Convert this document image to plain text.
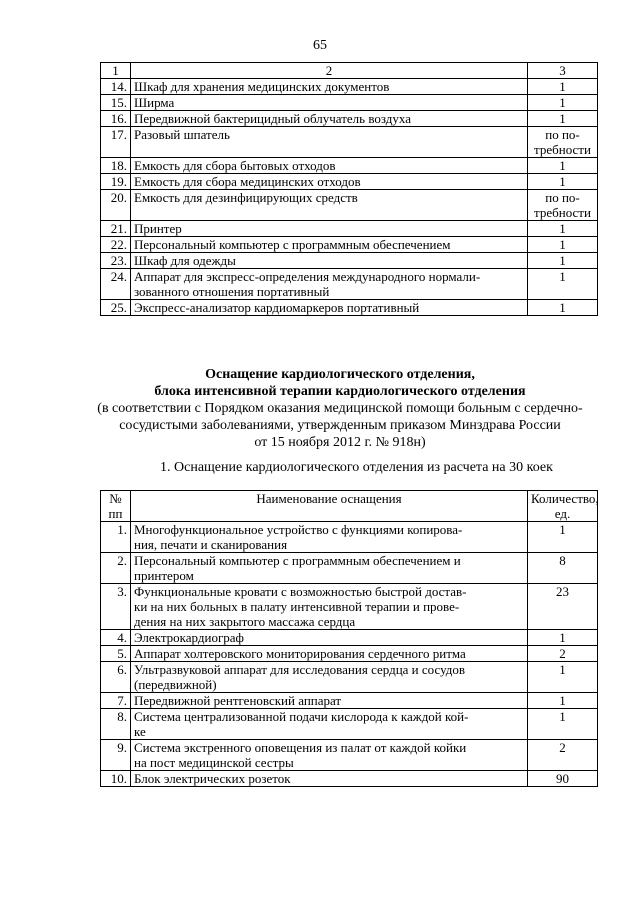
65
1	2	3
14.	Шкаф для хранения медицинских документов	1
15.	Ширма	1
16.	Передвижной бактерицидный облучатель воздуха	1
17.	Разовый шпатель	по по-
требности
18.	Емкость для сбора бытовых отходов	1
19.	Емкость для сбора медицинских отходов	1
20.	Емкость для дезинфицирующих средств	по по-
требности
21.	Принтер	1
22.	Персональный компьютер с программным обеспечением	1
23.	Шкаф для одежды	1
24.	Аппарат для экспресс-определения международного нормали-
зованного отношения портативный	1
25.	Экспресс-анализатор кардиомаркеров портативный	1
Оснащение кардиологического отделения,
блока интенсивной терапии кардиологического отделения
(в соответствии с Порядком оказания медицинской помощи больным с сердечно-
сосудистыми заболеваниями, утвержденным приказом Минздрава России
от 15 ноября 2012 г. № 918н)
1. Оснащение кардиологического отделения из расчета на 30 коек
№
пп	Наименование оснащения	Количество,
ед.
1.	Многофункциональное устройство с функциями копирова-
ния, печати и сканирования	1
2.	Персональный компьютер с программным обеспечением и
принтером	8
3.	Функциональные кровати с возможностью быстрой достав-
ки на них больных в палату интенсивной терапии и прове-
дения на них закрытого массажа сердца	23
4.	Электрокардиограф	1
5.	Аппарат холтеровского мониторирования сердечного ритма	2
6.	Ультразвуковой аппарат для исследования сердца и сосудов
(передвижной)	1
7.	Передвижной рентгеновский аппарат	1
8.	Система централизованной подачи кислорода к каждой кой-
ке	1
9.	Система экстренного оповещения из палат от каждой койки
на пост медицинской сестры	2
10.	Блок электрических розеток	90
